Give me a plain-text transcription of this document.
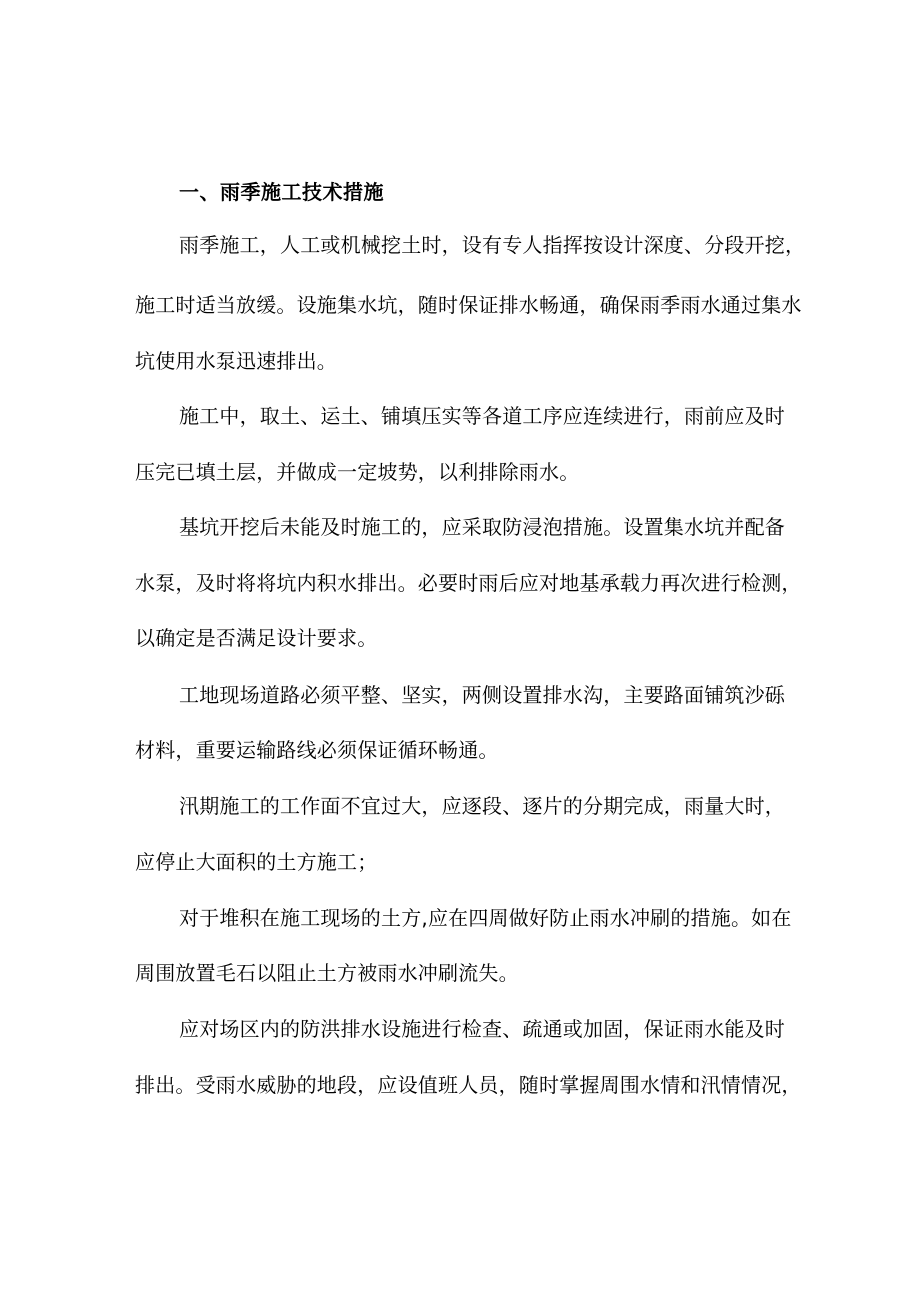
一、雨季施工技术措施
雨季施工，人工或机械挖土时，设有专人指挥按设计深度、分段开挖，
施工时适当放缓。设施集水坑，随时保证排水畅通，确保雨季雨水通过集水
坑使用水泵迅速排出。
施工中，取土、运土、铺填压实等各道工序应连续进行，雨前应及时
压完已填土层，并做成一定坡势，以利排除雨水。
基坑开挖后未能及时施工的，应采取防浸泡措施。设置集水坑并配备
水泵，及时将将坑内积水排出。必要时雨后应对地基承载力再次进行检测，
以确定是否满足设计要求。
工地现场道路必须平整、坚实，两侧设置排水沟，主要路面铺筑沙砾
材料，重要运输路线必须保证循环畅通。
汛期施工的工作面不宜过大，应逐段、逐片的分期完成，雨量大时，
应停止大面积的土方施工；
对于堆积在施工现场的土方,应在四周做好防止雨水冲刷的措施。如在
周围放置毛石以阻止土方被雨水冲刷流失。
应对场区内的防洪排水设施进行检查、疏通或加固，保证雨水能及时
排出。受雨水威胁的地段，应设值班人员，随时掌握周围水情和汛情情况，
